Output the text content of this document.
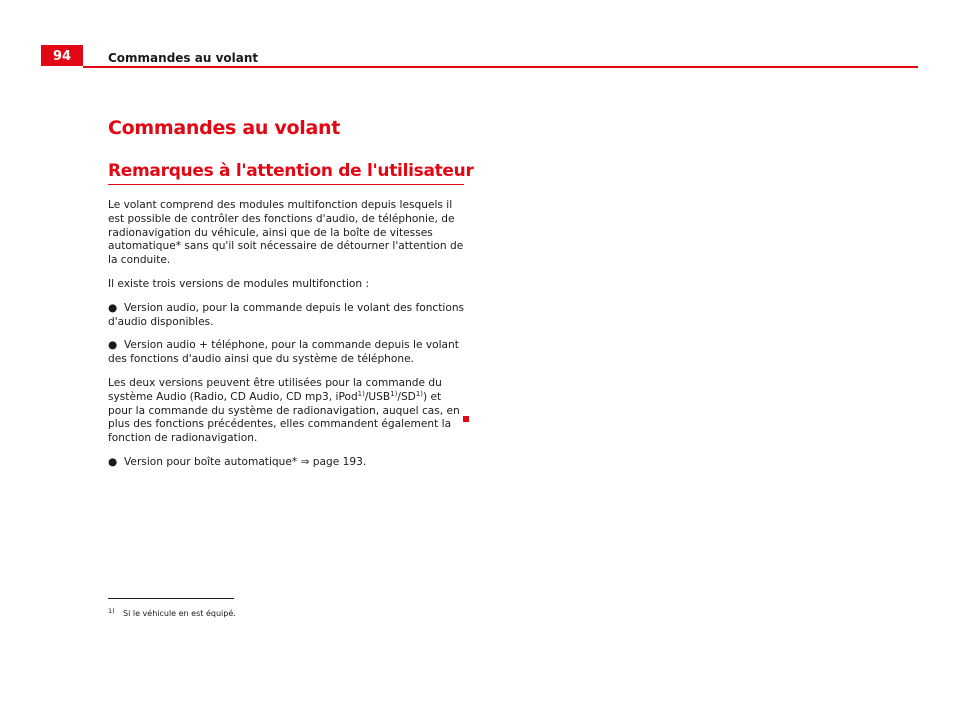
94	Commandes au volant
Commandes au volant
Remarques à l'attention de l'utilisateur

Le volant comprend des modules multifonction depuis lesquels il est possible de contrôler des fonctions d'audio, de téléphonie, de radionavigation du véhicule, ainsi que de la boîte de vitesses automatique* sans qu'il soit nécessaire de détourner l'attention de la conduite.

Il existe trois versions de modules multifonction :

● Version audio, pour la commande depuis le volant des fonctions d'audio disponibles.
● Version audio + téléphone, pour la commande depuis le volant des fonctions d'audio ainsi que du système de téléphone.

Les deux versions peuvent être utilisées pour la commande du système Audio (Radio, CD Audio, CD mp3, iPod$^{1)}$/USB$^{1)}$/SD$^{1)}$) et pour la commande du système de radionavigation, auquel cas, en plus des fonctions précédentes, elles commandent également la fonction de radionavigation.

● Version pour boîte automatique* ⇒ page 193.
1) Si le véhicule en est équipé.
